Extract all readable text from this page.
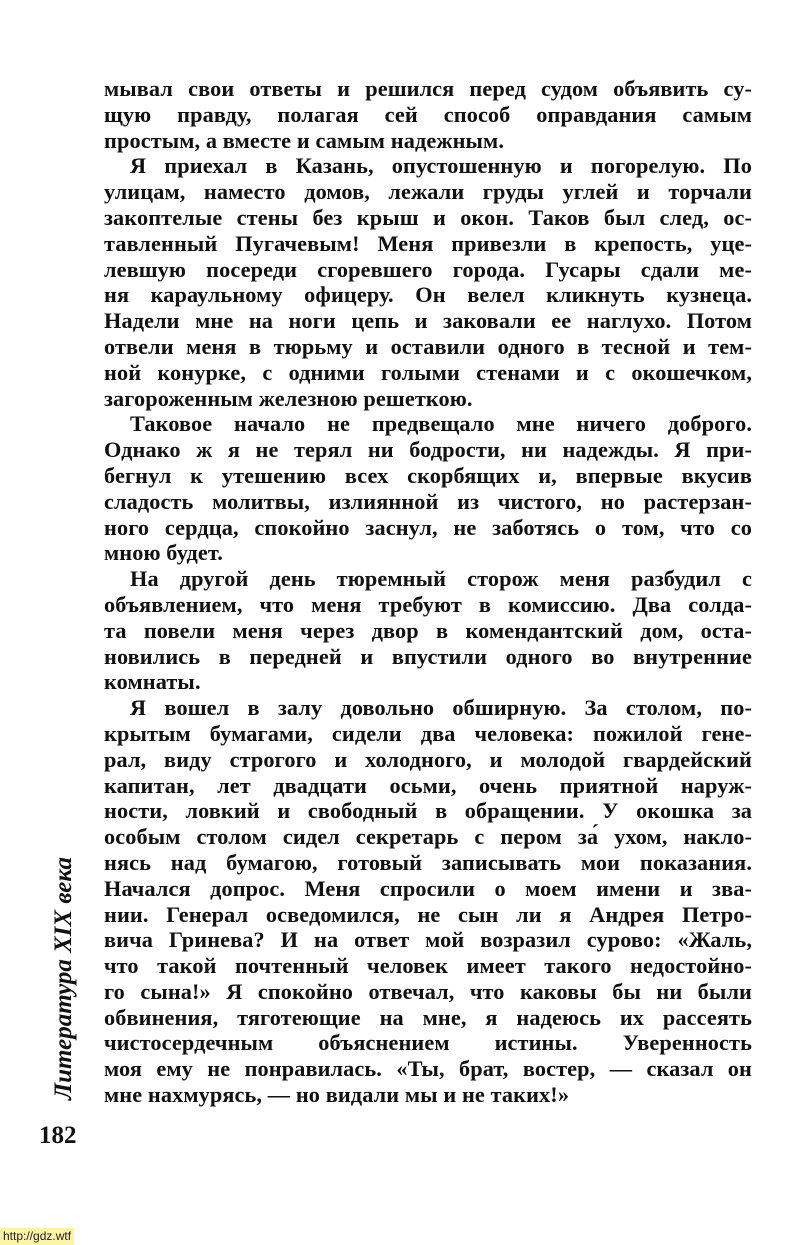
мывал свои ответы и решился перед судом объявить су-
щую правду, полагая сей способ оправдания самым
простым, а вместе и самым надежным.
Я приехал в Казань, опустошенную и погорелую. По
улицам, наместо домов, лежали груды углей и торчали
закоптелые стены без крыш и окон. Таков был след, ос-
тавленный Пугачевым! Меня привезли в крепость, уце-
левшую посереди сгоревшего города. Гусары сдали ме-
ня караульному офицеру. Он велел кликнуть кузнеца.
Надели мне на ноги цепь и заковали ее наглухо. Потом
отвели меня в тюрьму и оставили одного в тесной и тем-
ной конурке, с одними голыми стенами и с окошечком,
загороженным железною решеткою.
Таковое начало не предвещало мне ничего доброго.
Однако ж я не терял ни бодрости, ни надежды. Я при-
бегнул к утешению всех скорбящих и, впервые вкусив
сладость молитвы, излиянной из чистого, но растерзан-
ного сердца, спокойно заснул, не заботясь о том, что со
мною будет.
На другой день тюремный сторож меня разбудил с
объявлением, что меня требуют в комиссию. Два солда-
та повели меня через двор в комендантский дом, оста-
новились в передней и впустили одного во внутренние
комнаты.
Я вошел в залу довольно обширную. За столом, по-
крытым бумагами, сидели два человека: пожилой гене-
рал, виду строгого и холодного, и молодой гвардейский
капитан, лет двадцати осьми, очень приятной наруж-
ности, ловкий и свободный в обращении. У окошка за
особым столом сидел секретарь с пером за́ ухом, накло-
нясь над бумагою, готовый записывать мои показания.
Начался допрос. Меня спросили о моем имени и зва-
нии. Генерал осведомился, не сын ли я Андрея Петро-
вича Гринева? И на ответ мой возразил сурово: «Жаль,
что такой почтенный человек имеет такого недостойно-
го сына!» Я спокойно отвечал, что каковы бы ни были
обвинения, тяготеющие на мне, я надеюсь их рассеять
чистосердечным объяснением истины. Уверенность
моя ему не понравилась. «Ты, брат, востер, — сказал он
мне нахмурясь, — но видали мы и не таких!»
Литература XIX века
182
http://gdz.wtf
